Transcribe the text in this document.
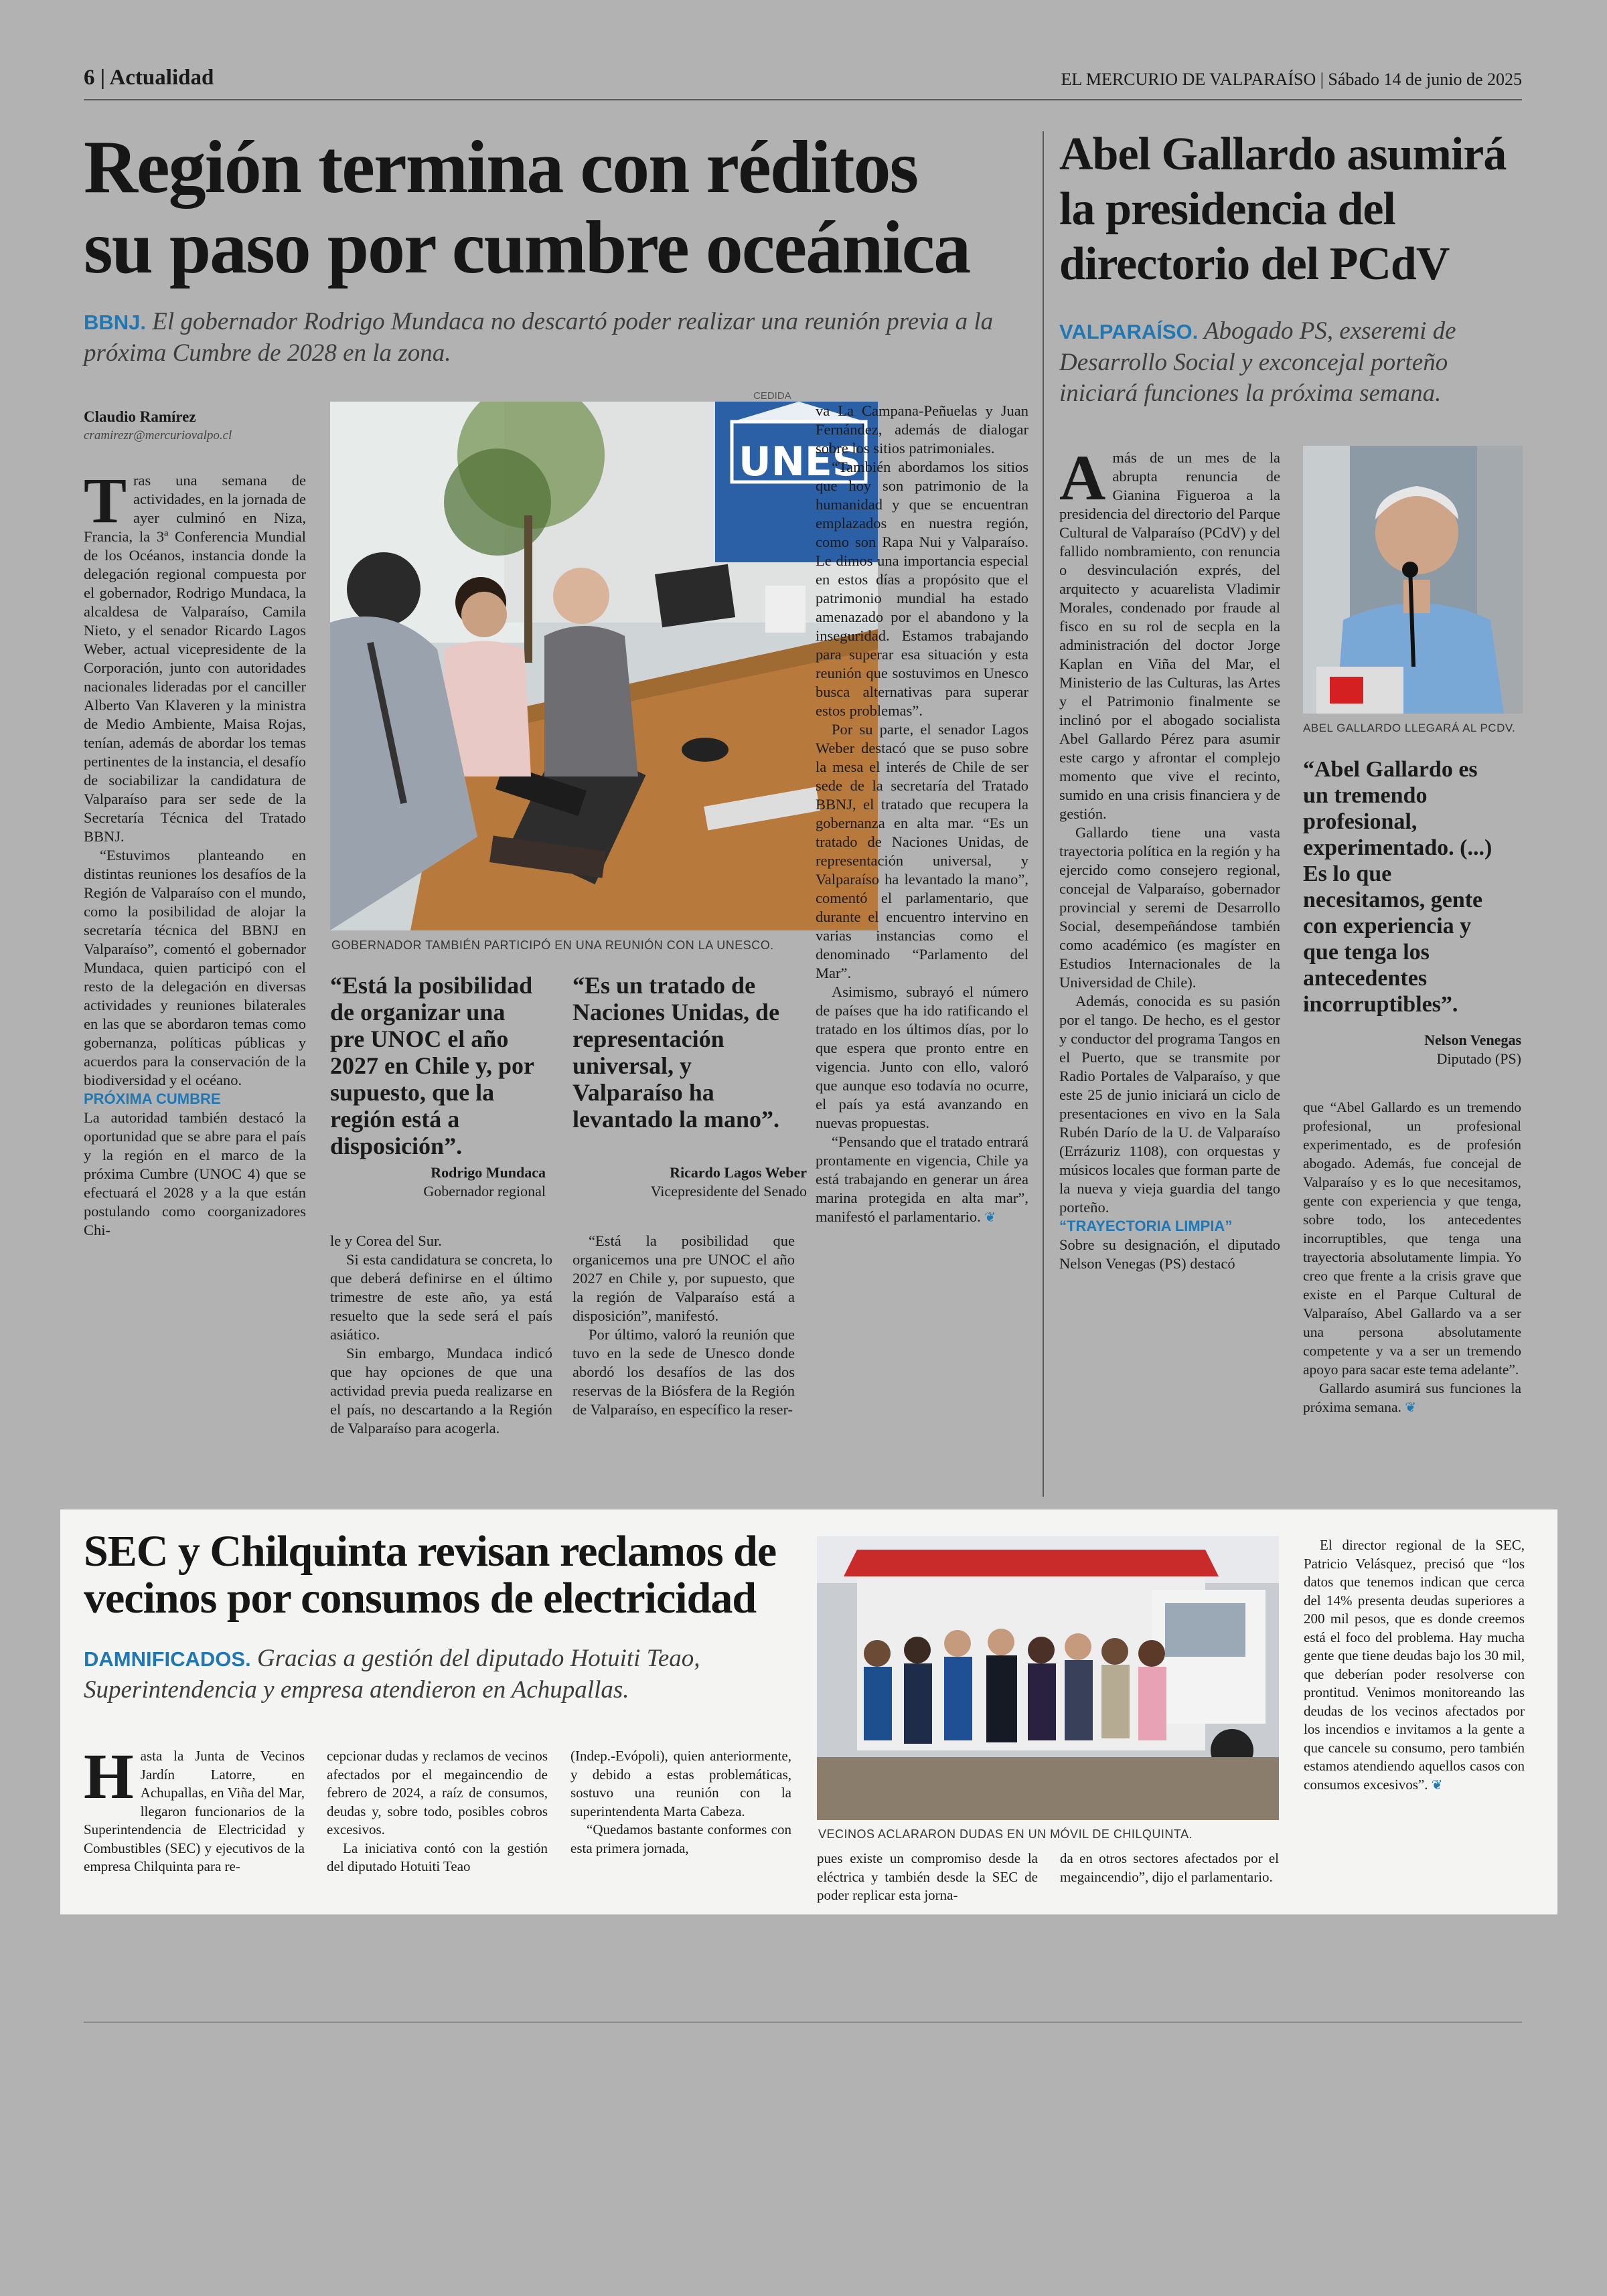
6 | Actualidad	EL MERCURIO DE VALPARAÍSO | Sábado 14 de junio de 2025
Región termina con réditos
su paso por cumbre oceánica
BBNJ. El gobernador Rodrigo Mundaca no descartó poder realizar una reunión previa a la próxima Cumbre de 2028 en la zona.
Claudio Ramírez
cramirezr@mercuriovalpo.cl
CEDIDA
UNES
GOBERNADOR TAMBIÉN PARTICIPÓ EN UNA REUNIÓN CON LA UNESCO.

Tras una semana de actividades, en la jornada de ayer culminó en Niza, Francia, la 3ª Conferencia Mundial de los Océanos, instancia donde la delegación regional compuesta por el gobernador, Rodrigo Mundaca, la alcaldesa de Valparaíso, Camila Nieto, y el senador Ricardo Lagos Weber, actual vicepresidente de la Corporación, junto con autoridades nacionales lideradas por el canciller Alberto Van Klaveren y la ministra de Medio Ambiente, Maisa Rojas, tenían, además de abordar los temas pertinentes de la instancia, el desafío de sociabilizar la candidatura de Valparaíso para ser sede de la Secretaría Técnica del Tratado BBNJ.

“Estuvimos planteando en distintas reuniones los desafíos de la Región de Valparaíso con el mundo, como la posibilidad de alojar la secretaría técnica del BBNJ en Valparaíso”, comentó el gobernador Mundaca, quien participó con el resto de la delegación en diversas actividades y reuniones bilaterales en las que se abordaron temas como gobernanza, políticas públicas y acuerdos para la conservación de la biodiversidad y el océano.

PRÓXIMA CUMBRE

La autoridad también destacó la oportunidad que se abre para el país y la región en el marco de la próxima Cumbre (UNOC 4) que se efectuará el 2028 y a la que están postulando como coorganizadores Chi-

“Está la posibilidad de organizar una pre UNOC el año 2027 en Chile y, por supuesto, que la región está a disposición”.
Rodrigo Mundaca
Gobernador regional
“Es un tratado de Naciones Unidas, de representación universal, y Valparaíso ha levantado la mano”.
Ricardo Lagos Weber
Vicepresidente del Senado

le y Corea del Sur.

Si esta candidatura se concreta, lo que deberá definirse en el último trimestre de este año, ya está resuelto que la sede será el país asiático.

Sin embargo, Mundaca indicó que hay opciones de que una actividad previa pueda realizarse en el país, no descartando a la Región de Valparaíso para acogerla.

“Está la posibilidad que organicemos una pre UNOC el año 2027 en Chile y, por supuesto, que la región de Valparaíso está a disposición”, manifestó.

Por último, valoró la reunión que tuvo en la sede de Unesco donde abordó los desafíos de las dos reservas de la Biósfera de la Región de Valparaíso, en específico la reser-

va La Campana-Peñuelas y Juan Fernández, además de dialogar sobre los sitios patrimoniales.

“También abordamos los sitios que hoy son patrimonio de la humanidad y que se encuentran emplazados en nuestra región, como son Rapa Nui y Valparaíso. Le dimos una importancia especial en estos días a propósito que el patrimonio mundial ha estado amenazado por el abandono y la inseguridad. Estamos trabajando para superar esa situación y esta reunión que sostuvimos en Unesco busca alternativas para superar estos problemas”.

Por su parte, el senador Lagos Weber destacó que se puso sobre la mesa el interés de Chile de ser sede de la secretaría del Tratado BBNJ, el tratado que recupera la gobernanza en alta mar. “Es un tratado de Naciones Unidas, de representación universal, y Valparaíso ha levantado la mano”, comentó el parlamentario, que durante el encuentro intervino en varias instancias como el denominado “Parlamento del Mar”.

Asimismo, subrayó el número de países que ha ido ratificando el tratado en los últimos días, por lo que espera que pronto entre en vigencia. Junto con ello, valoró que aunque eso todavía no ocurre, el país ya está avanzando en nuevas propuestas.

“Pensando que el tratado entrará prontamente en vigencia, Chile ya está trabajando en generar un área marina protegida en alta mar”, manifestó el parlamentario. ❦

Abel Gallardo asumirá
la presidencia del
directorio del PCdV
VALPARAÍSO. Abogado PS, exseremi de Desarrollo Social y exconcejal porteño iniciará funciones la próxima semana.

Amás de un mes de la abrupta renuncia de Gianina Figueroa a la presidencia del directorio del Parque Cultural de Valparaíso (PCdV) y del fallido nombramiento, con renuncia o desvinculación exprés, del arquitecto y acuarelista Vladimir Morales, condenado por fraude al fisco en su rol de secpla en la administración del doctor Jorge Kaplan en Viña del Mar, el Ministerio de las Culturas, las Artes y el Patrimonio finalmente se inclinó por el abogado socialista Abel Gallardo Pérez para asumir este cargo y afrontar el complejo momento que vive el recinto, sumido en una crisis financiera y de gestión.

Gallardo tiene una vasta trayectoria política en la región y ha ejercido como consejero regional, concejal de Valparaíso, gobernador provincial y seremi de Desarrollo Social, desempeñándose también como académico (es magíster en Estudios Internacionales de la Universidad de Chile).

Además, conocida es su pasión por el tango. De hecho, es el gestor y conductor del programa Tangos en el Puerto, que se transmite por Radio Portales de Valparaíso, y que este 25 de junio iniciará un ciclo de presentaciones en vivo en la Sala Rubén Darío de la U. de Valparaíso (Errázuriz 1108), con orquestas y músicos locales que forman parte de la nueva y vieja guardia del tango porteño.

“TRAYECTORIA LIMPIA”

Sobre su designación, el diputado Nelson Venegas (PS) destacó

ABEL GALLARDO LLEGARÁ AL PCDV.
“Abel Gallardo es un tremendo profesional, experimentado. (...) Es lo que necesitamos, gente con experiencia y que tenga los antecedentes incorruptibles”.
Nelson Venegas
Diputado (PS)

que “Abel Gallardo es un tremendo profesional, un profesional experimentado, es de profesión abogado. Además, fue concejal de Valparaíso y es lo que necesitamos, gente con experiencia y que tenga, sobre todo, los antecedentes incorruptibles, que tenga una trayectoria absolutamente limpia. Yo creo que frente a la crisis grave que existe en el Parque Cultural de Valparaíso, Abel Gallardo va a ser una persona absolutamente competente y va a ser un tremendo apoyo para sacar este tema adelante”.

Gallardo asumirá sus funciones la próxima semana. ❦

SEC y Chilquinta revisan reclamos de
vecinos por consumos de electricidad
DAMNIFICADOS. Gracias a gestión del diputado Hotuiti Teao,
Superintendencia y empresa atendieron en Achupallas.

Hasta la Junta de Vecinos Jardín Latorre, en Achupallas, en Viña del Mar, llegaron funcionarios de la Superintendencia de Electricidad y Combustibles (SEC) y ejecutivos de la empresa Chilquinta para re-

cepcionar dudas y reclamos de vecinos afectados por el megaincendio de febrero de 2024, a raíz de consumos, deudas y, sobre todo, posibles cobros excesivos.

La iniciativa contó con la gestión del diputado Hotuiti Teao

(Indep.-Evópoli), quien anteriormente, y debido a estas problemáticas, sostuvo una reunión con la superintendenta Marta Cabeza.

“Quedamos bastante conformes con esta primera jornada,

VECINOS ACLARARON DUDAS EN UN MÓVIL DE CHILQUINTA.

pues existe un compromiso desde la eléctrica y también desde la SEC de poder replicar esta jorna-

da en otros sectores afectados por el megaincendio”, dijo el parlamentario.

El director regional de la SEC, Patricio Velásquez, precisó que “los datos que tenemos indican que cerca del 14% presenta deudas superiores a 200 mil pesos, que es donde creemos está el foco del problema. Hay mucha gente que tiene deudas bajo los 30 mil, que deberían poder resolverse con prontitud. Venimos monitoreando las deudas de los vecinos afectados por los incendios e invitamos a la gente a que cancele su consumo, pero también estamos atendiendo aquellos casos con consumos excesivos”. ❦
